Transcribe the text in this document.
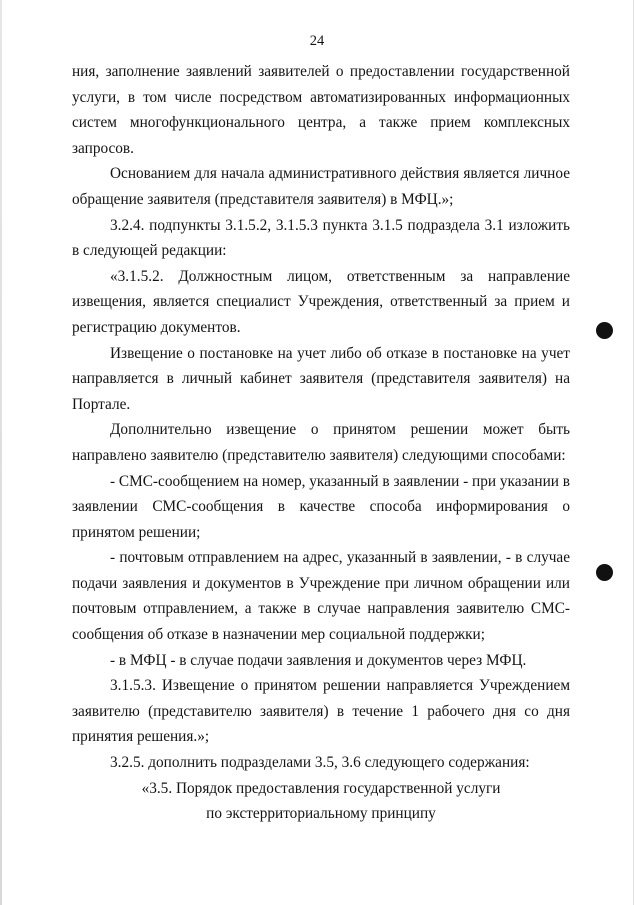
24

ния, заполнение заявлений заявителей о предоставлении государственной услуги, в том числе посредством автоматизированных информационных систем многофункционального центра, а также прием комплексных запросов.

Основанием для начала административного действия является личное обращение заявителя (представителя заявителя) в МФЦ.»;

3.2.4. подпункты 3.1.5.2, 3.1.5.3 пункта 3.1.5 подраздела 3.1 изложить в следующей редакции:

«3.1.5.2. Должностным лицом, ответственным за направление извещения, является специалист Учреждения, ответственный за прием и регистрацию документов.

Извещение о постановке на учет либо об отказе в постановке на учет направляется в личный кабинет заявителя (представителя заявителя) на Портале.

Дополнительно извещение о принятом решении может быть направлено заявителю (представителю заявителя) следующими способами:

- СМС-сообщением на номер, указанный в заявлении - при указании в заявлении СМС-сообщения в качестве способа информирования о принятом решении;

- почтовым отправлением на адрес, указанный в заявлении, - в случае подачи заявления и документов в Учреждение при личном обращении или почтовым отправлением, а также в случае направления заявителю СМС-сообщения об отказе в назначении мер социальной поддержки;

- в МФЦ - в случае подачи заявления и документов через МФЦ.

3.1.5.3. Извещение о принятом решении направляется Учреждением заявителю (представителю заявителя) в течение 1 рабочего дня со дня принятия решения.»;

3.2.5. дополнить подразделами 3.5, 3.6 следующего содержания:

«3.5. Порядок предоставления государственной услуги

по экстерриториальному принципу
